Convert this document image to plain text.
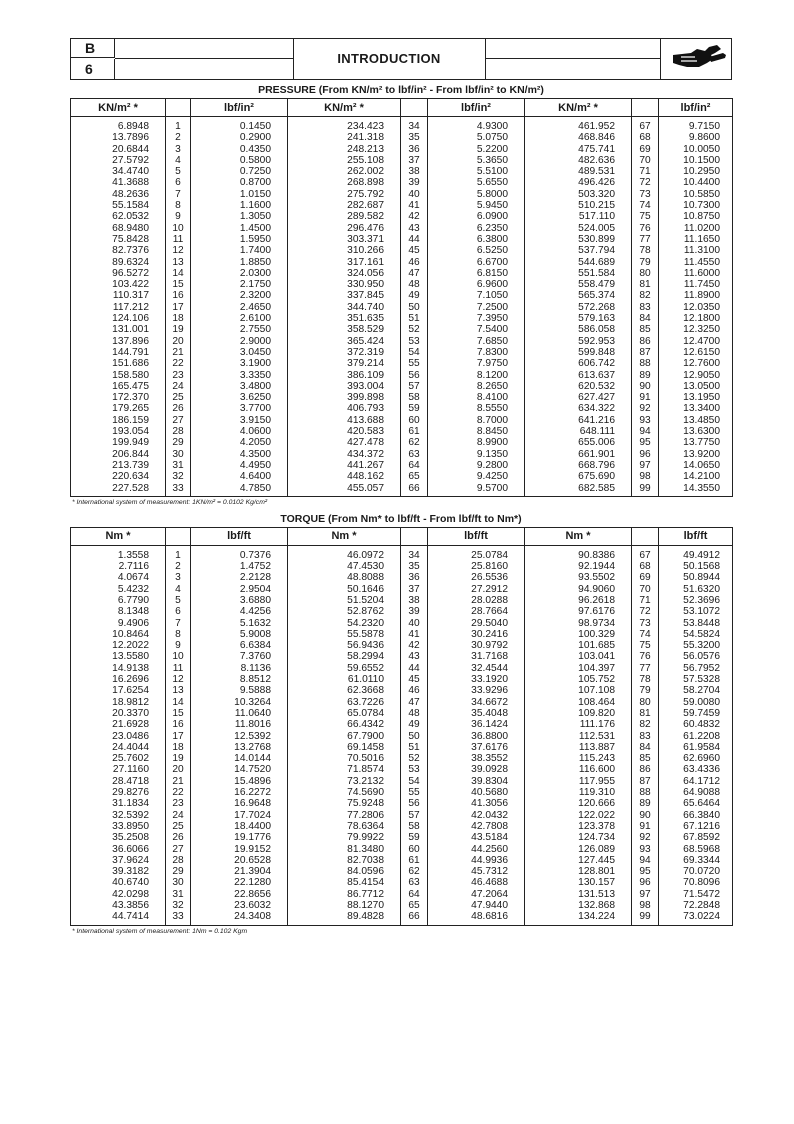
B
6
INTRODUCTION
PRESSURE (From KN/m² to lbf/in² - From lbf/in² to KN/m²)
KN/m² *		lbf/in²	KN/m² *		lbf/in²	KN/m² *		lbf/in²
6.8948	1	0.1450	234.423	34	4.9300	461.952	67	9.7150
13.7896	2	0.2900	241.318	35	5.0750	468.846	68	9.8600
20.6844	3	0.4350	248.213	36	5.2200	475.741	69	10.0050
27.5792	4	0.5800	255.108	37	5.3650	482.636	70	10.1500
34.4740	5	0.7250	262.002	38	5.5100	489.531	71	10.2950
41.3688	6	0.8700	268.898	39	5.6550	496.426	72	10.4400
48.2636	7	1.0150	275.792	40	5.8000	503.320	73	10.5850
55.1584	8	1.1600	282.687	41	5.9450	510.215	74	10.7300
62.0532	9	1.3050	289.582	42	6.0900	517.110	75	10.8750
68.9480	10	1.4500	296.476	43	6.2350	524.005	76	11.0200
75.8428	11	1.5950	303.371	44	6.3800	530.899	77	11.1650
82.7376	12	1.7400	310.266	45	6.5250	537.794	78	11.3100
89.6324	13	1.8850	317.161	46	6.6700	544.689	79	11.4550
96.5272	14	2.0300	324.056	47	6.8150	551.584	80	11.6000
103.422	15	2.1750	330.950	48	6.9600	558.479	81	11.7450
110.317	16	2.3200	337.845	49	7.1050	565.374	82	11.8900
117.212	17	2.4650	344.740	50	7.2500	572.268	83	12.0350
124.106	18	2.6100	351.635	51	7.3950	579.163	84	12.1800
131.001	19	2.7550	358.529	52	7.5400	586.058	85	12.3250
137.896	20	2.9000	365.424	53	7.6850	592.953	86	12.4700
144.791	21	3.0450	372.319	54	7.8300	599.848	87	12.6150
151.686	22	3.1900	379.214	55	7.9750	606.742	88	12.7600
158.580	23	3.3350	386.109	56	8.1200	613.637	89	12.9050
165.475	24	3.4800	393.004	57	8.2650	620.532	90	13.0500
172.370	25	3.6250	399.898	58	8.4100	627.427	91	13.1950
179.265	26	3.7700	406.793	59	8.5550	634.322	92	13.3400
186.159	27	3.9150	413.688	60	8.7000	641.216	93	13.4850
193.054	28	4.0600	420.583	61	8.8450	648.111	94	13.6300
199.949	29	4.2050	427.478	62	8.9900	655.006	95	13.7750
206.844	30	4.3500	434.372	63	9.1350	661.901	96	13.9200
213.739	31	4.4950	441.267	64	9.2800	668.796	97	14.0650
220.634	32	4.6400	448.162	65	9.4250	675.690	98	14.2100
227.528	33	4.7850	455.057	66	9.5700	682.585	99	14.3550
* International system of measurement: 1KN/m² = 0.0102 Kg/cm²
TORQUE (From Nm* to lbf/ft - From lbf/ft to Nm*)
Nm *		lbf/ft	Nm *		lbf/ft	Nm *		lbf/ft
1.3558	1	0.7376	46.0972	34	25.0784	90.8386	67	49.4912
2.7116	2	1.4752	47.4530	35	25.8160	92.1944	68	50.1568
4.0674	3	2.2128	48.8088	36	26.5536	93.5502	69	50.8944
5.4232	4	2.9504	50.1646	37	27.2912	94.9060	70	51.6320
6.7790	5	3.6880	51.5204	38	28.0288	96.2618	71	52.3696
8.1348	6	4.4256	52.8762	39	28.7664	97.6176	72	53.1072
9.4906	7	5.1632	54.2320	40	29.5040	98.9734	73	53.8448
10.8464	8	5.9008	55.5878	41	30.2416	100.329	74	54.5824
12.2022	9	6.6384	56.9436	42	30.9792	101.685	75	55.3200
13.5580	10	7.3760	58.2994	43	31.7168	103.041	76	56.0576
14.9138	11	8.1136	59.6552	44	32.4544	104.397	77	56.7952
16.2696	12	8.8512	61.0110	45	33.1920	105.752	78	57.5328
17.6254	13	9.5888	62.3668	46	33.9296	107.108	79	58.2704
18.9812	14	10.3264	63.7226	47	34.6672	108.464	80	59.0080
20.3370	15	11.0640	65.0784	48	35.4048	109.820	81	59.7459
21.6928	16	11.8016	66.4342	49	36.1424	111.176	82	60.4832
23.0486	17	12.5392	67.7900	50	36.8800	112.531	83	61.2208
24.4044	18	13.2768	69.1458	51	37.6176	113.887	84	61.9584
25.7602	19	14.0144	70.5016	52	38.3552	115.243	85	62.6960
27.1160	20	14.7520	71.8574	53	39.0928	116.600	86	63.4336
28.4718	21	15.4896	73.2132	54	39.8304	117.955	87	64.1712
29.8276	22	16.2272	74.5690	55	40.5680	119.310	88	64.9088
31.1834	23	16.9648	75.9248	56	41.3056	120.666	89	65.6464
32.5392	24	17.7024	77.2806	57	42.0432	122.022	90	66.3840
33.8950	25	18.4400	78.6364	58	42.7808	123.378	91	67.1216
35.2508	26	19.1776	79.9922	59	43.5184	124.734	92	67.8592
36.6066	27	19.9152	81.3480	60	44.2560	126.089	93	68.5968
37.9624	28	20.6528	82.7038	61	44.9936	127.445	94	69.3344
39.3182	29	21.3904	84.0596	62	45.7312	128.801	95	70.0720
40.6740	30	22.1280	85.4154	63	46.4688	130.157	96	70.8096
42.0298	31	22.8656	86.7712	64	47.2064	131.513	97	71.5472
43.3856	32	23.6032	88.1270	65	47.9440	132.868	98	72.2848
44.7414	33	24.3408	89.4828	66	48.6816	134.224	99	73.0224
* International system of measurement: 1Nm = 0.102 Kgm
